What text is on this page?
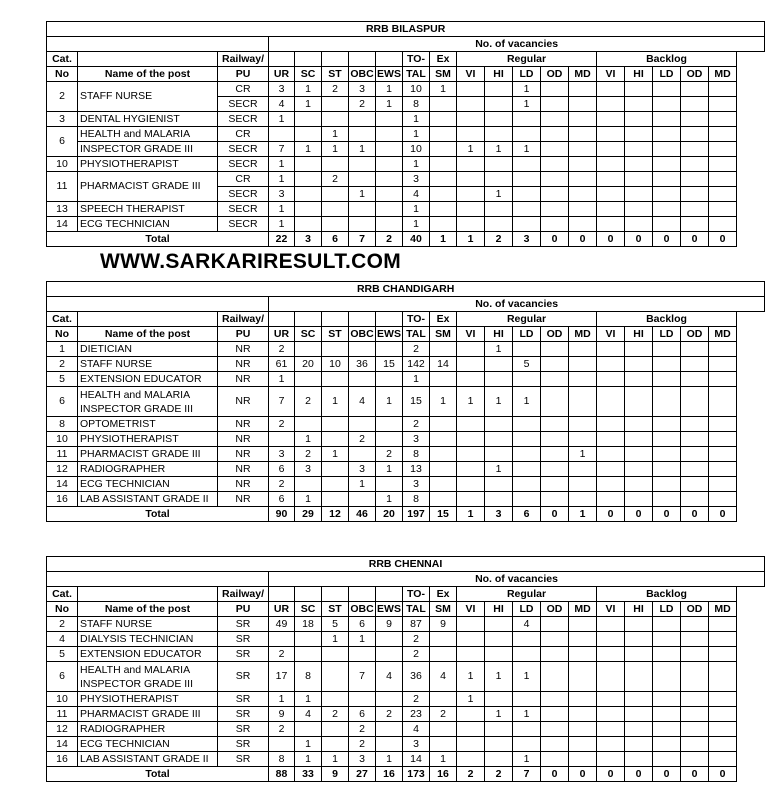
RRB BILASPUR																			
			No. of vacancies																
Cat.		Railway/						TO-	Ex	Regular					Backlog				
No	Name of the post	PU	UR	SC	ST	OBC	EWS	TAL	SM	VI	HI	LD	OD	MD	VI	HI	LD	OD	MD
2	STAFF NURSE	CR	3	1	2	3	1	10	1			1							
		SECR	4	1		2	1	8				1							
3	DENTAL HYGIENIST	SECR	1					1											
6	HEALTH and MALARIA	CR			1			1											
	INSPECTOR GRADE III	SECR	7	1	1	1		10		1	1	1							
10	PHYSIOTHERAPIST	SECR	1					1											
11	PHARMACIST GRADE III	CR	1		2			3											
		SECR	3			1		4			1								
13	SPEECH THERAPIST	SECR	1					1											
14	ECG TECHNICIAN	SECR	1					1											
Total			22	3	6	7	2	40	1	1	2	3	0	0	0	0	0	0	0
WWW.SARKARIRESULT.COM
RRB CHANDIGARH																			
			No. of vacancies																
Cat.		Railway/						TO-	Ex	Regular					Backlog				
No	Name of the post	PU	UR	SC	ST	OBC	EWS	TAL	SM	VI	HI	LD	OD	MD	VI	HI	LD	OD	MD
1	DIETICIAN	NR	2					2			1								
2	STAFF NURSE	NR	61	20	10	36	15	142	14			5							
5	EXTENSION EDUCATOR	NR	1					1											
6	HEALTH and MALARIA INSPECTOR GRADE III	NR	7	2	1	4	1	15	1	1	1	1							
8	OPTOMETRIST	NR	2					2											
10	PHYSIOTHERAPIST	NR		1		2		3											
11	PHARMACIST GRADE III	NR	3	2	1		2	8						1					
12	RADIOGRAPHER	NR	6	3		3	1	13			1								
14	ECG TECHNICIAN	NR	2			1		3											
16	LAB ASSISTANT GRADE II	NR	6	1			1	8											
Total			90	29	12	46	20	197	15	1	3	6	0	1	0	0	0	0	0
RRB CHENNAI																			
			No. of vacancies																
Cat.		Railway/						TO-	Ex	Regular					Backlog				
No	Name of the post	PU	UR	SC	ST	OBC	EWS	TAL	SM	VI	HI	LD	OD	MD	VI	HI	LD	OD	MD
2	STAFF NURSE	SR	49	18	5	6	9	87	9			4							
4	DIALYSIS TECHNICIAN	SR			1	1		2											
5	EXTENSION EDUCATOR	SR	2					2											
6	HEALTH and MALARIA INSPECTOR GRADE III	SR	17	8		7	4	36	4	1	1	1							
10	PHYSIOTHERAPIST	SR	1	1				2		1									
11	PHARMACIST GRADE III	SR	9	4	2	6	2	23	2		1	1							
12	RADIOGRAPHER	SR	2			2		4											
14	ECG TECHNICIAN	SR		1		2		3											
16	LAB ASSISTANT GRADE II	SR	8	1	1	3	1	14	1			1							
Total			88	33	9	27	16	173	16	2	2	7	0	0	0	0	0	0	0
